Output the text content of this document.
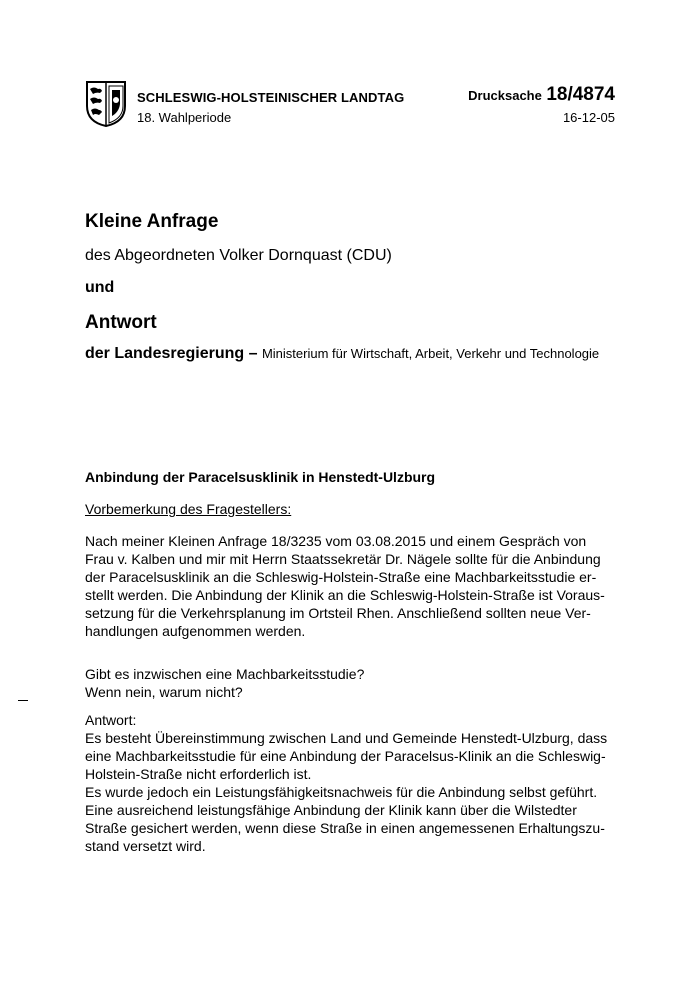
SCHLESWIG-HOLSTEINISCHER LANDTAG
18. Wahlperiode
Drucksache 18/4874
16-12-05
Kleine Anfrage
des Abgeordneten Volker Dornquast (CDU)
und
Antwort
der Landesregierung – Ministerium für Wirtschaft, Arbeit, Verkehr und Technologie
Anbindung der Paracelsusklinik in Henstedt-Ulzburg
Vorbemerkung des Fragestellers:
Nach meiner Kleinen Anfrage 18/3235 vom 03.08.2015 und einem Gespräch von
Frau v. Kalben und mir mit Herrn Staatssekretär Dr. Nägele sollte für die Anbindung
der Paracelsusklinik an die Schleswig-Holstein-Straße eine Machbarkeitsstudie er-
stellt werden. Die Anbindung der Klinik an die Schleswig-Holstein-Straße ist Voraus-
setzung für die Verkehrsplanung im Ortsteil Rhen. Anschließend sollten neue Ver-
handlungen aufgenommen werden.
Gibt es inzwischen eine Machbarkeitsstudie?
Wenn nein, warum nicht?
Antwort:
Es besteht Übereinstimmung zwischen Land und Gemeinde Henstedt-Ulzburg, dass
eine Machbarkeitsstudie für eine Anbindung der Paracelsus-Klinik an die Schleswig-
Holstein-Straße nicht erforderlich ist.
Es wurde jedoch ein Leistungsfähigkeitsnachweis für die Anbindung selbst geführt.
Eine ausreichend leistungsfähige Anbindung der Klinik kann über die Wilstedter
Straße gesichert werden, wenn diese Straße in einen angemessenen Erhaltungszu-
stand versetzt wird.
